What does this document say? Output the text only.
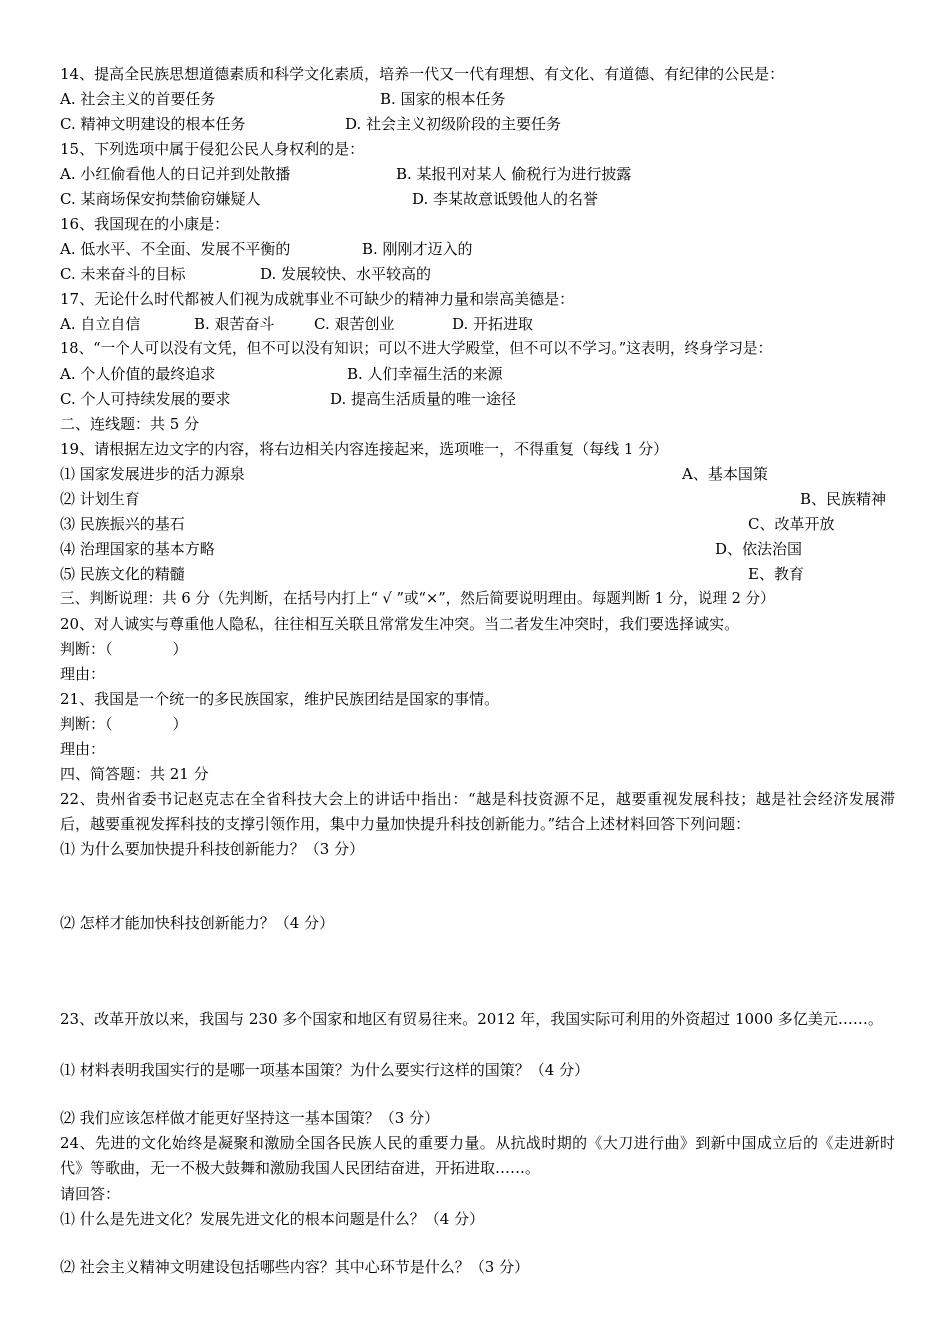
14、提高全民族思想道德素质和科学文化素质，培养一代又一代有理想、有文化、有道德、有纪律的公民是：
A. 社会主义的首要任务	B. 国家的根本任务
C. 精神文明建设的根本任务	D. 社会主义初级阶段的主要任务
15、下列选项中属于侵犯公民人身权利的是：
A. 小红偷看他人的日记并到处散播	B. 某报刊对某人 偷税行为进行披露
C. 某商场保安拘禁偷窃嫌疑人	D. 李某故意诋毁他人的名誉
16、我国现在的小康是：
A. 低水平、不全面、发展不平衡的	B. 刚刚才迈入的
C. 未来奋斗的目标	D. 发展较快、水平较高的
17、无论什么时代都被人们视为成就事业不可缺少的精神力量和崇高美德是：
A. 自立自信	B. 艰苦奋斗	C. 艰苦创业	D. 开拓进取
18、“一个人可以没有文凭，但不可以没有知识；可以不进大学殿堂，但不可以不学习。”这表明，终身学习是：
A. 个人价值的最终追求	B. 人们幸福生活的来源
C. 个人可持续发展的要求	D. 提高生活质量的唯一途径
二、连线题：共 5 分
19、请根据左边文字的内容，将右边相关内容连接起来，选项唯一，不得重复（每线 1 分）
⑴ 国家发展进步的活力源泉	A、基本国策
⑵ 计划生育	B、民族精神
⑶ 民族振兴的基石	C、改革开放
⑷ 治理国家的基本方略	D、依法治国
⑸ 民族文化的精髓	E、教育
三、判断说理：共 6 分（先判断，在括号内打上“ √ ”或“×”，然后简要说明理由。每题判断 1 分，说理 2 分）
20、对人诚实与尊重他人隐私，往往相互关联且常常发生冲突。当二者发生冲突时，我们要选择诚实。
判断：（　　　　）
理由：
21、我国是一个统一的多民族国家，维护民族团结是国家的事情。
判断：（　　　　）
理由：
四、简答题：共 21 分
22、贵州省委书记赵克志在全省科技大会上的讲话中指出：“越是科技资源不足，越要重视发展科技；越是社会经济发展滞后，越要重视发挥科技的支撑引领作用，集中力量加快提升科技创新能力。”结合上述材料回答下列问题：
⑴ 为什么要加快提升科技创新能力？（3 分）
⑵ 怎样才能加快科技创新能力？（4 分）
23、改革开放以来，我国与 230 多个国家和地区有贸易往来。2012 年，我国实际可利用的外资超过 1000 多亿美元……。
⑴ 材料表明我国实行的是哪一项基本国策？为什么要实行这样的国策？（4 分）
⑵ 我们应该怎样做才能更好坚持这一基本国策？（3 分）
24、先进的文化始终是凝聚和激励全国各民族人民的重要力量。从抗战时期的《大刀进行曲》到新中国成立后的《走进新时代》等歌曲，无一不极大鼓舞和激励我国人民团结奋进，开拓进取……。
请回答：
⑴ 什么是先进文化？发展先进文化的根本问题是什么？（4 分）
⑵ 社会主义精神文明建设包括哪些内容？其中心环节是什么？（3 分）
